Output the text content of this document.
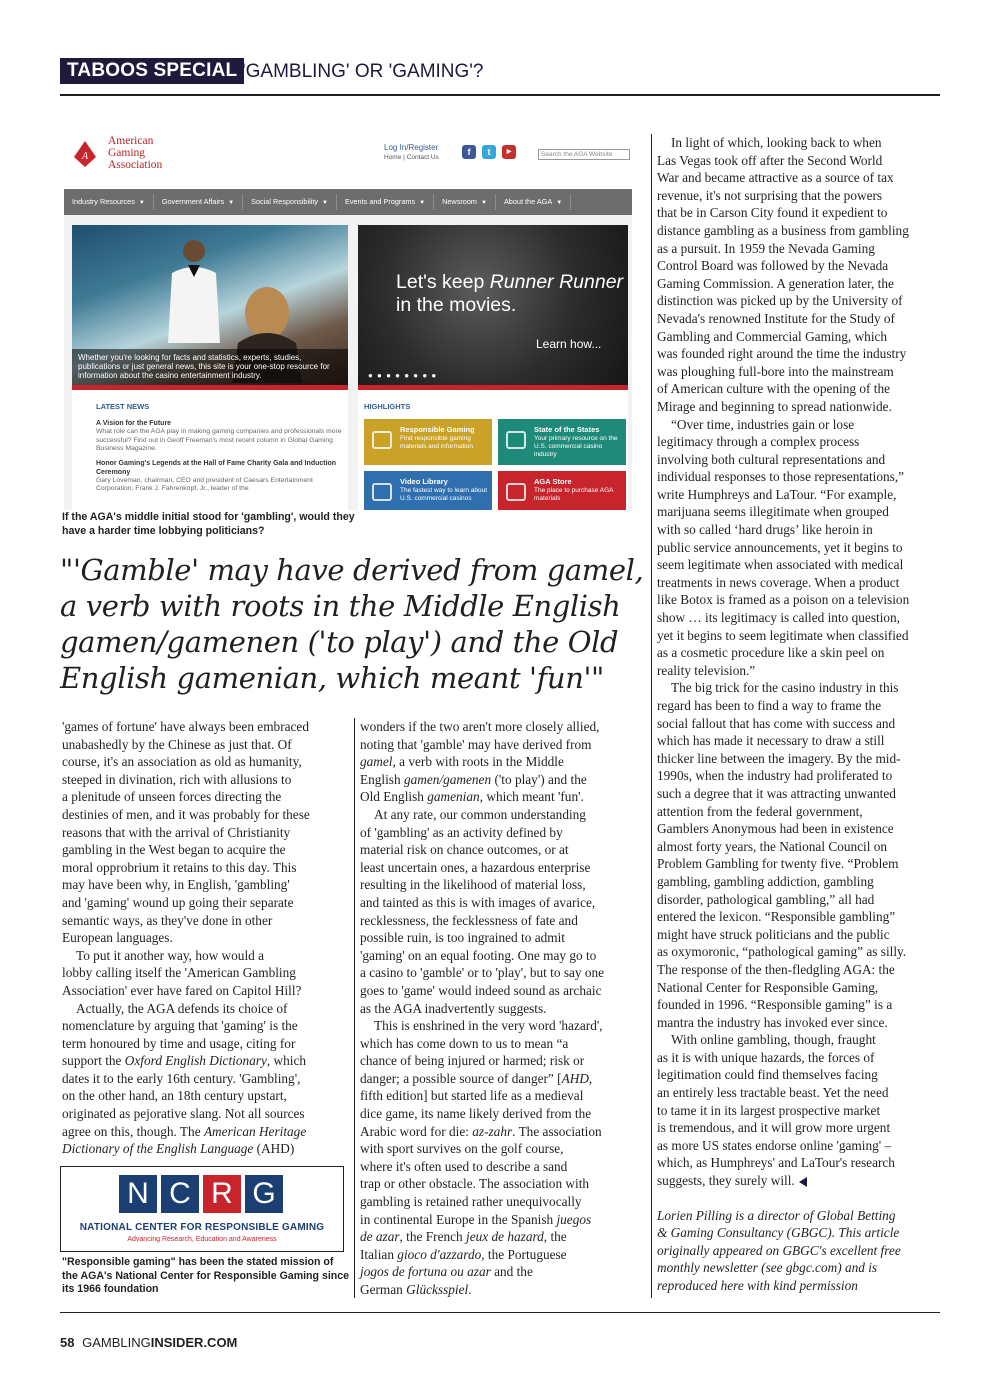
TABOOS SPECIAL 'GAMBLING' OR 'GAMING'?
A
American
Gaming
Association
Log In/Register
Home | Contact Us
f	t	▶	Search the AGA Website
Industry Resources ▼	Government Affairs ▼	Social Responsibility ▼	Events and Programs ▼	Newsroom ▼	About the AGA ▼
Whether you're looking for facts and statistics, experts, studies, publications or just general news, this site is your one-stop resource for information about the casino entertainment industry.
Let's keep Runner Runner
in the movies.
Learn how...
● ● ● ● ● ● ● ●
LATEST NEWS
A Vision for the Future
What role can the AGA play in making gaming companies and professionals more successful? Find out in Geoff Freeman's most recent column in Global Gaming Business Magazine.
Honor Gaming's Legends at the Hall of Fame Charity Gala and Induction Ceremony
Gary Loveman, chairman, CEO and president of Caesars Entertainment Corporation; Frank J. Fahrenkopf, Jr., leader of the
HIGHLIGHTS
Responsible Gaming
Find responsible gaming materials and information
State of the States
Your primary resource on the U.S. commercial casino industry
Video Library
The fastest way to learn about U.S. commercial casinos
AGA Store
The place to purchase AGA materials
If the AGA's middle initial stood for 'gambling', would they have a harder time lobbying politicians?
"'Gamble' may have derived from gamel,
a verb with roots in the Middle English
gamen/gamenen ('to play') and the Old
English gamenian, which meant 'fun'"

'games of fortune' have always been embraced
unabashedly by the Chinese as just that. Of
course, it's an association as old as humanity,
steeped in divination, rich with allusions to
a plenitude of unseen forces directing the
destinies of men, and it was probably for these
reasons that with the arrival of Christianity
gambling in the West began to acquire the
moral opprobrium it retains to this day. This
may have been why, in English, 'gambling'
and 'gaming' wound up going their separate
semantic ways, as they've done in other
European languages.

To put it another way, how would a
lobby calling itself the 'American Gambling
Association' ever have fared on Capitol Hill?

Actually, the AGA defends its choice of
nomenclature by arguing that 'gaming' is the
term honoured by time and usage, citing for
support the Oxford English Dictionary, which
dates it to the early 16th century. 'Gambling',
on the other hand, an 18th century upstart,
originated as pejorative slang. Not all sources
agree on this, though. The American Heritage
Dictionary of the English Language (AHD)

N C R G
NATIONAL CENTER FOR RESPONSIBLE GAMING
Advancing Research, Education and Awareness
"Responsible gaming" has been the stated mission of the AGA's National Center for Responsible Gaming since its 1966 foundation

wonders if the two aren't more closely allied,
noting that 'gamble' may have derived from
gamel, a verb with roots in the Middle
English gamen/gamenen ('to play') and the
Old English gamenian, which meant 'fun'.

At any rate, our common understanding
of 'gambling' as an activity defined by
material risk on chance outcomes, or at
least uncertain ones, a hazardous enterprise
resulting in the likelihood of material loss,
and tainted as this is with images of avarice,
recklessness, the fecklessness of fate and
possible ruin, is too ingrained to admit
'gaming' on an equal footing. One may go to
a casino to 'gamble' or to 'play', but to say one
goes to 'game' would indeed sound as archaic
as the AGA inadvertently suggests.

This is enshrined in the very word 'hazard',
which has come down to us to mean “a
chance of being injured or harmed; risk or
danger; a possible source of danger” [AHD,
fifth edition] but started life as a medieval
dice game, its name likely derived from the
Arabic word for die: az-zahr. The association
with sport survives on the golf course,
where it's often used to describe a sand
trap or other obstacle. The association with
gambling is retained rather unequivocally
in continental Europe in the Spanish juegos
de azar, the French jeux de hazard, the
Italian gioco d'azzardo, the Portuguese
jogos de fortuna ou azar and the
German Glücksspiel.

In light of which, looking back to when
Las Vegas took off after the Second World
War and became attractive as a source of tax
revenue, it's not surprising that the powers
that be in Carson City found it expedient to
distance gambling as a business from gambling
as a pursuit. In 1959 the Nevada Gaming
Control Board was followed by the Nevada
Gaming Commission. A generation later, the
distinction was picked up by the University of
Nevada's renowned Institute for the Study of
Gambling and Commercial Gaming, which
was founded right around the time the industry
was ploughing full-bore into the mainstream
of American culture with the opening of the
Mirage and beginning to spread nationwide.

“Over time, industries gain or lose
legitimacy through a complex process
involving both cultural representations and
individual responses to those representations,”
write Humphreys and LaTour. “For example,
marijuana seems illegitimate when grouped
with so called ‘hard drugs’ like heroin in
public service announcements, yet it begins to
seem legitimate when associated with medical
treatments in news coverage. When a product
like Botox is framed as a poison on a television
show … its legitimacy is called into question,
yet it begins to seem legitimate when classified
as a cosmetic procedure like a skin peel on
reality television.”

The big trick for the casino industry in this
regard has been to find a way to frame the
social fallout that has come with success and
which has made it necessary to draw a still
thicker line between the imagery. By the mid-
1990s, when the industry had proliferated to
such a degree that it was attracting unwanted
attention from the federal government,
Gamblers Anonymous had been in existence
almost forty years, the National Council on
Problem Gambling for twenty five. “Problem
gambling, gambling addiction, gambling
disorder, pathological gambling,” all had
entered the lexicon. “Responsible gambling”
might have struck politicians and the public
as oxymoronic, “pathological gaming” as silly.
The response of the then-fledgling AGA: the
National Center for Responsible Gaming,
founded in 1996. “Responsible gaming” is a
mantra the industry has invoked ever since.

With online gambling, though, fraught
as it is with unique hazards, the forces of
legitimation could find themselves facing
an entirely less tractable beast. Yet the need
to tame it in its largest prospective market
is tremendous, and it will grow more urgent
as more US states endorse online 'gaming' –
which, as Humphreys' and LaTour's research
suggests, they surely will.

Lorien Pilling is a director of Global Betting
& Gaming Consultancy (GBGC). This article
originally appeared on GBGC's excellent free
monthly newsletter (see gbgc.com) and is
reproduced here with kind permission

58 GAMBLINGINSIDER.COM
